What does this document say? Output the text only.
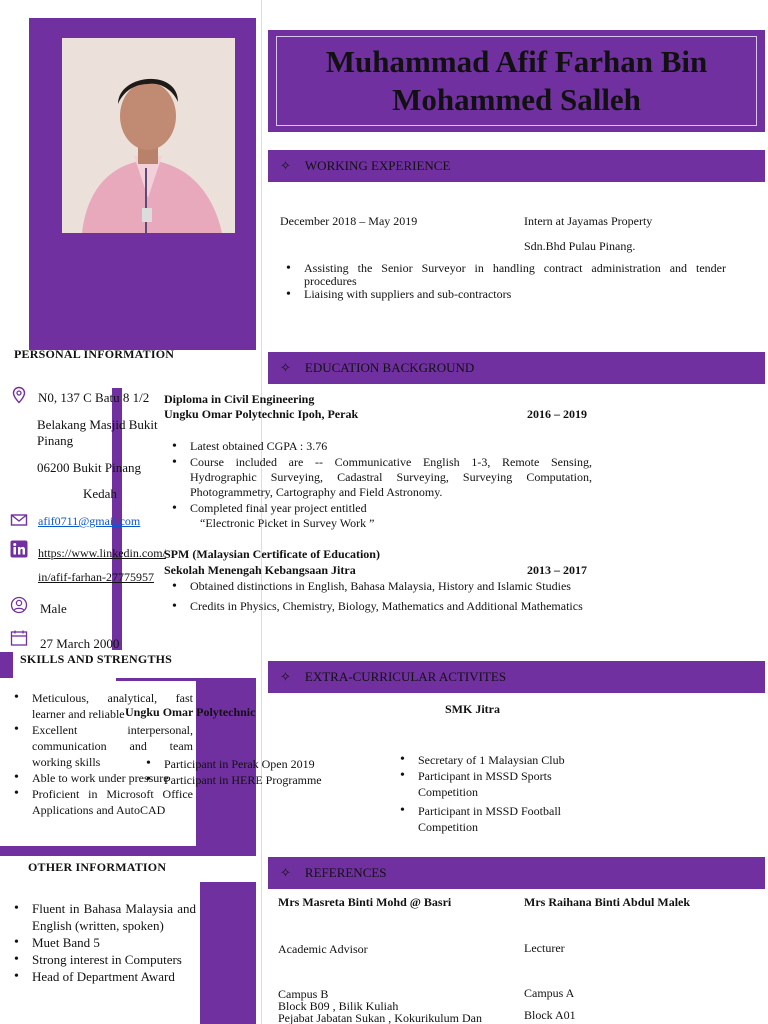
PERSONAL INFORMATION
N0, 137 C Batu 8 1/2
Belakang Masjid Bukit
Pinang
06200 Bukit Pinang
Kedah
afif0711@gmail.com
https://www.linkedin.com/
in/afif-farhan-27775957
Male
27 March 2000
SKILLS AND STRENGTHS
• Meticulous, analytical, fast learner and reliable
• Excellent interpersonal, communication and team working skills
• Able to work under pressure
• Proficient in Microsoft Office Applications and AutoCAD
OTHER INFORMATION
• Fluent in Bahasa Malaysia and English (written, spoken)
• Muet Band 5
• Strong interest in Computers
• Head of Department Award
Muhammad Afif Farhan Bin
Mohammed Salleh
✧ WORKING EXPERIENCE
December 2018 – May 2019	Intern at Jayamas Property
Sdn.Bhd Pulau Pinang.
• Assisting the Senior Surveyor in handling contract administration and tender procedures
• Liaising with suppliers and sub-contractors
✧ EDUCATION BACKGROUND
Diploma in Civil Engineering
Ungku Omar Polytechnic Ipoh, Perak	2016 – 2019
• Latest obtained CGPA : 3.76
• Course included are -- Communicative English 1-3, Remote Sensing, Hydrographic Surveying, Cadastral Surveying, Surveying Computation, Photogrammetry, Cartography and Field Astronomy.
• Completed final year project entitled
“Electronic Picket in Survey Work ”
SPM (Malaysian Certificate of Education)
Sekolah Menengah Kebangsaan Jitra	2013 – 2017
• Obtained distinctions in English, Bahasa Malaysia, History and Islamic Studies
• Credits in Physics, Chemistry, Biology, Mathematics and Additional Mathematics
✧ EXTRA-CURRICULAR ACTIVITES
Ungku Omar Polytechnic
• Participant in Perak Open 2019
• Participant in HERE Programme
SMK Jitra
• Secretary of 1 Malaysian Club
• Participant in MSSD Sports Competition
• Participant in MSSD Football Competition
✧ REFERENCES
Mrs Masreta Binti Mohd @ Basri
Academic Advisor
Campus B
Block B09 , Bilik Kuliah
Pejabat Jabatan Sukan , Kokurikulum Dan
Mrs Raihana Binti Abdul Malek
Lecturer
Campus A
Block A01
